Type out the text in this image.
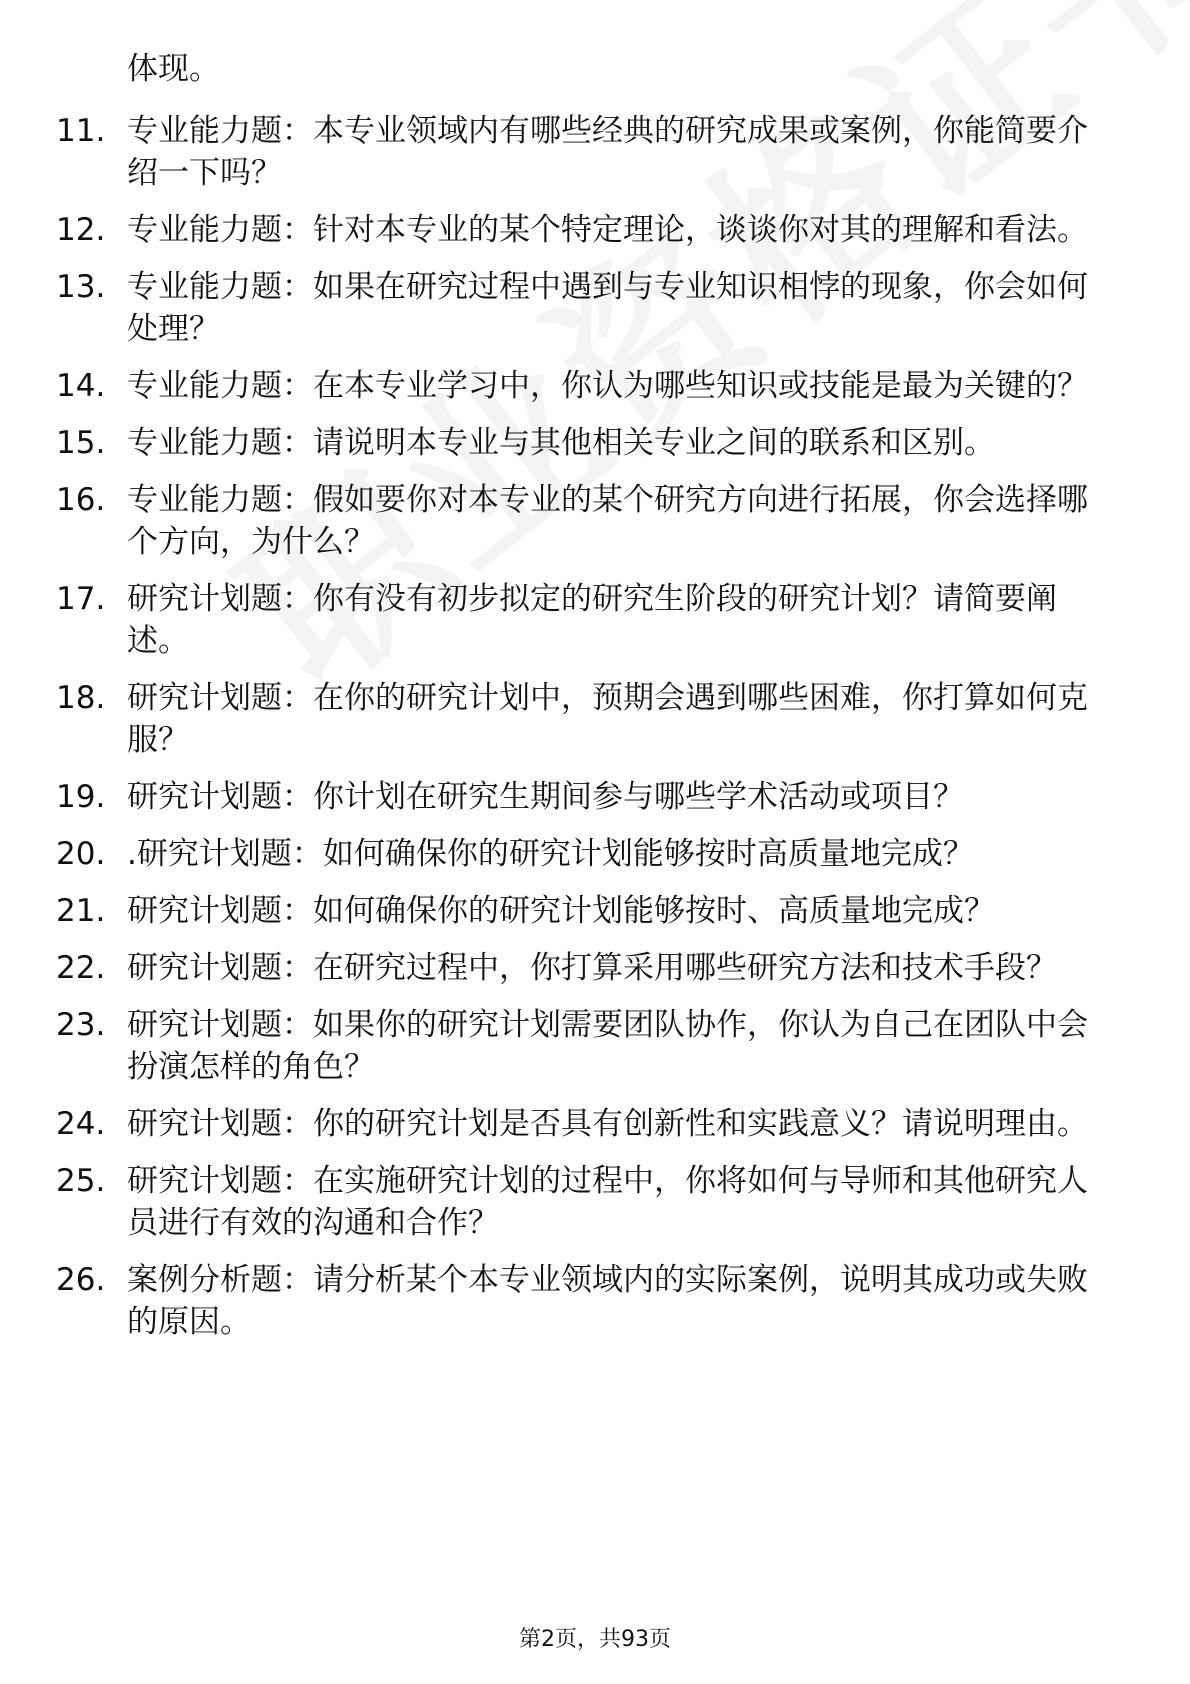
体现。

11. 专业能力题：本专业领域内有哪些经典的研究成果或案例，你能简要介绍一下吗？
12. 专业能力题：针对本专业的某个特定理论，谈谈你对其的理解和看法。
13. 专业能力题：如果在研究过程中遇到与专业知识相悖的现象，你会如何处理？
14. 专业能力题：在本专业学习中，你认为哪些知识或技能是最为关键的？
15. 专业能力题：请说明本专业与其他相关专业之间的联系和区别。
16. 专业能力题：假如要你对本专业的某个研究方向进行拓展，你会选择哪个方向，为什么？
17. 研究计划题：你有没有初步拟定的研究生阶段的研究计划？请简要阐述。
18. 研究计划题：在你的研究计划中，预期会遇到哪些困难，你打算如何克服？
19. 研究计划题：你计划在研究生期间参与哪些学术活动或项目？
20. .研究计划题：如何确保你的研究计划能够按时高质量地完成？
21. 研究计划题：如何确保你的研究计划能够按时、高质量地完成？
22. 研究计划题：在研究过程中，你打算采用哪些研究方法和技术手段？
23. 研究计划题：如果你的研究计划需要团队协作，你认为自己在团队中会扮演怎样的角色？
24. 研究计划题：你的研究计划是否具有创新性和实践意义？请说明理由。
25. 研究计划题：在实施研究计划的过程中，你将如何与导师和其他研究人员进行有效的沟通和合作？
26. 案例分析题：请分析某个本专业领域内的实际案例，说明其成功或失败的原因。
第2页，共93页
